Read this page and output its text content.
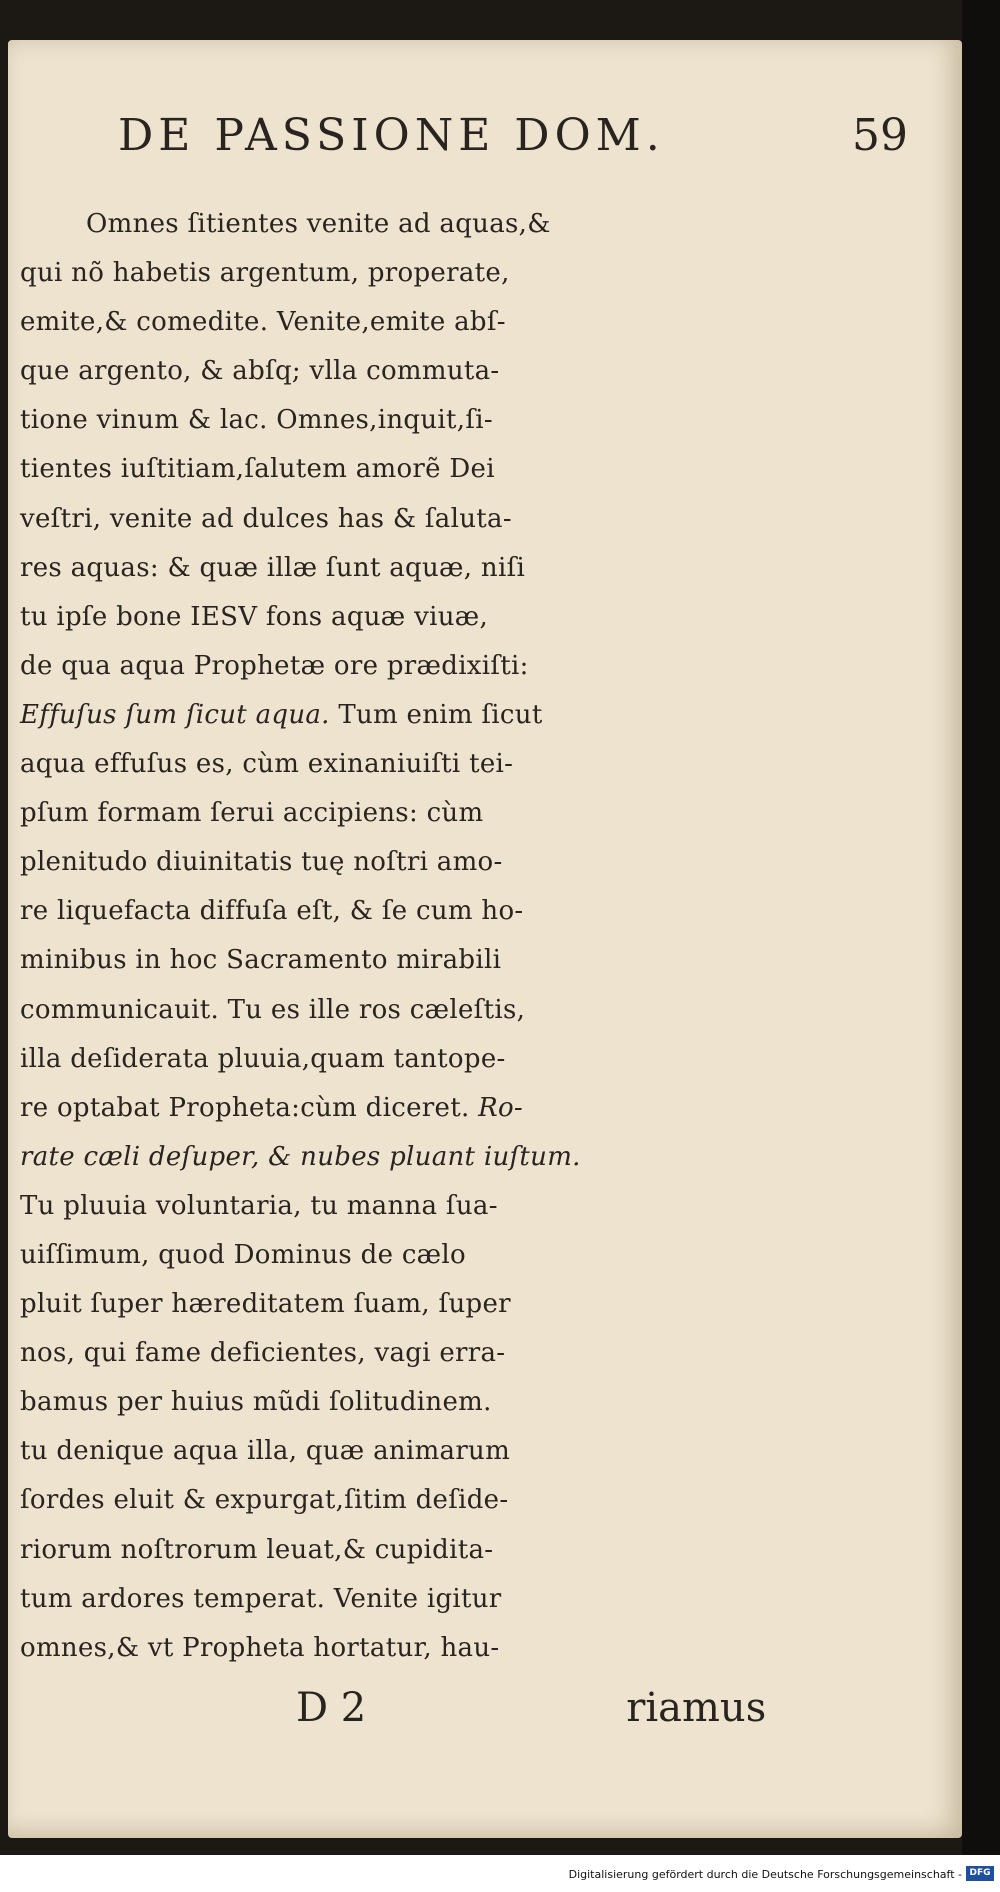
DE PASSIONE DOM.	59
Omnes ſitientes venite ad aquas,&
qui nõ habetis argentum, properate,
emite,& comedite. Venite,emite abſ-
que argento, & abſq; vlla commuta-
tione vinum & lac. Omnes,inquit,ſi-
tientes iuſtitiam,ſalutem amorẽ Dei
veſtri, venite ad dulces has & ſaluta-
res aquas: & quæ illæ ſunt aquæ, niſi
tu ipſe bone IESV fons aquæ viuæ,
de qua aqua Prophetæ ore prædixiſti:
Effuſus ſum ſicut aqua. Tum enim ſicut
aqua effuſus es, cùm exinaniuiſti tei-
pſum formam ſerui accipiens: cùm
plenitudo diuinitatis tuę noſtri amo-
re liquefacta diffuſa eſt, & ſe cum ho-
minibus in hoc Sacramento mirabili
communicauit. Tu es ille ros cæleſtis,
illa deſiderata pluuia,quam tantope-
re optabat Propheta:cùm diceret. Ro-
rate cæli deſuper, & nubes pluant iuſtum.
Tu pluuia voluntaria, tu manna ſua-
uiſſimum, quod Dominus de cælo
pluit ſuper hæreditatem ſuam, ſuper
nos, qui fame deficientes, vagi erra-
bamus per huius mũdi ſolitudinem.
tu denique aqua illa, quæ animarum
ſordes eluit & expurgat,ſitim deſide-
riorum noſtrorum leuat,& cupidita-
tum ardores temperat. Venite igitur
omnes,& vt Propheta hortatur, hau-
D 2	riamus
Digitalisierung gefördert durch die Deutsche Forschungsgemeinschaft - DFG
